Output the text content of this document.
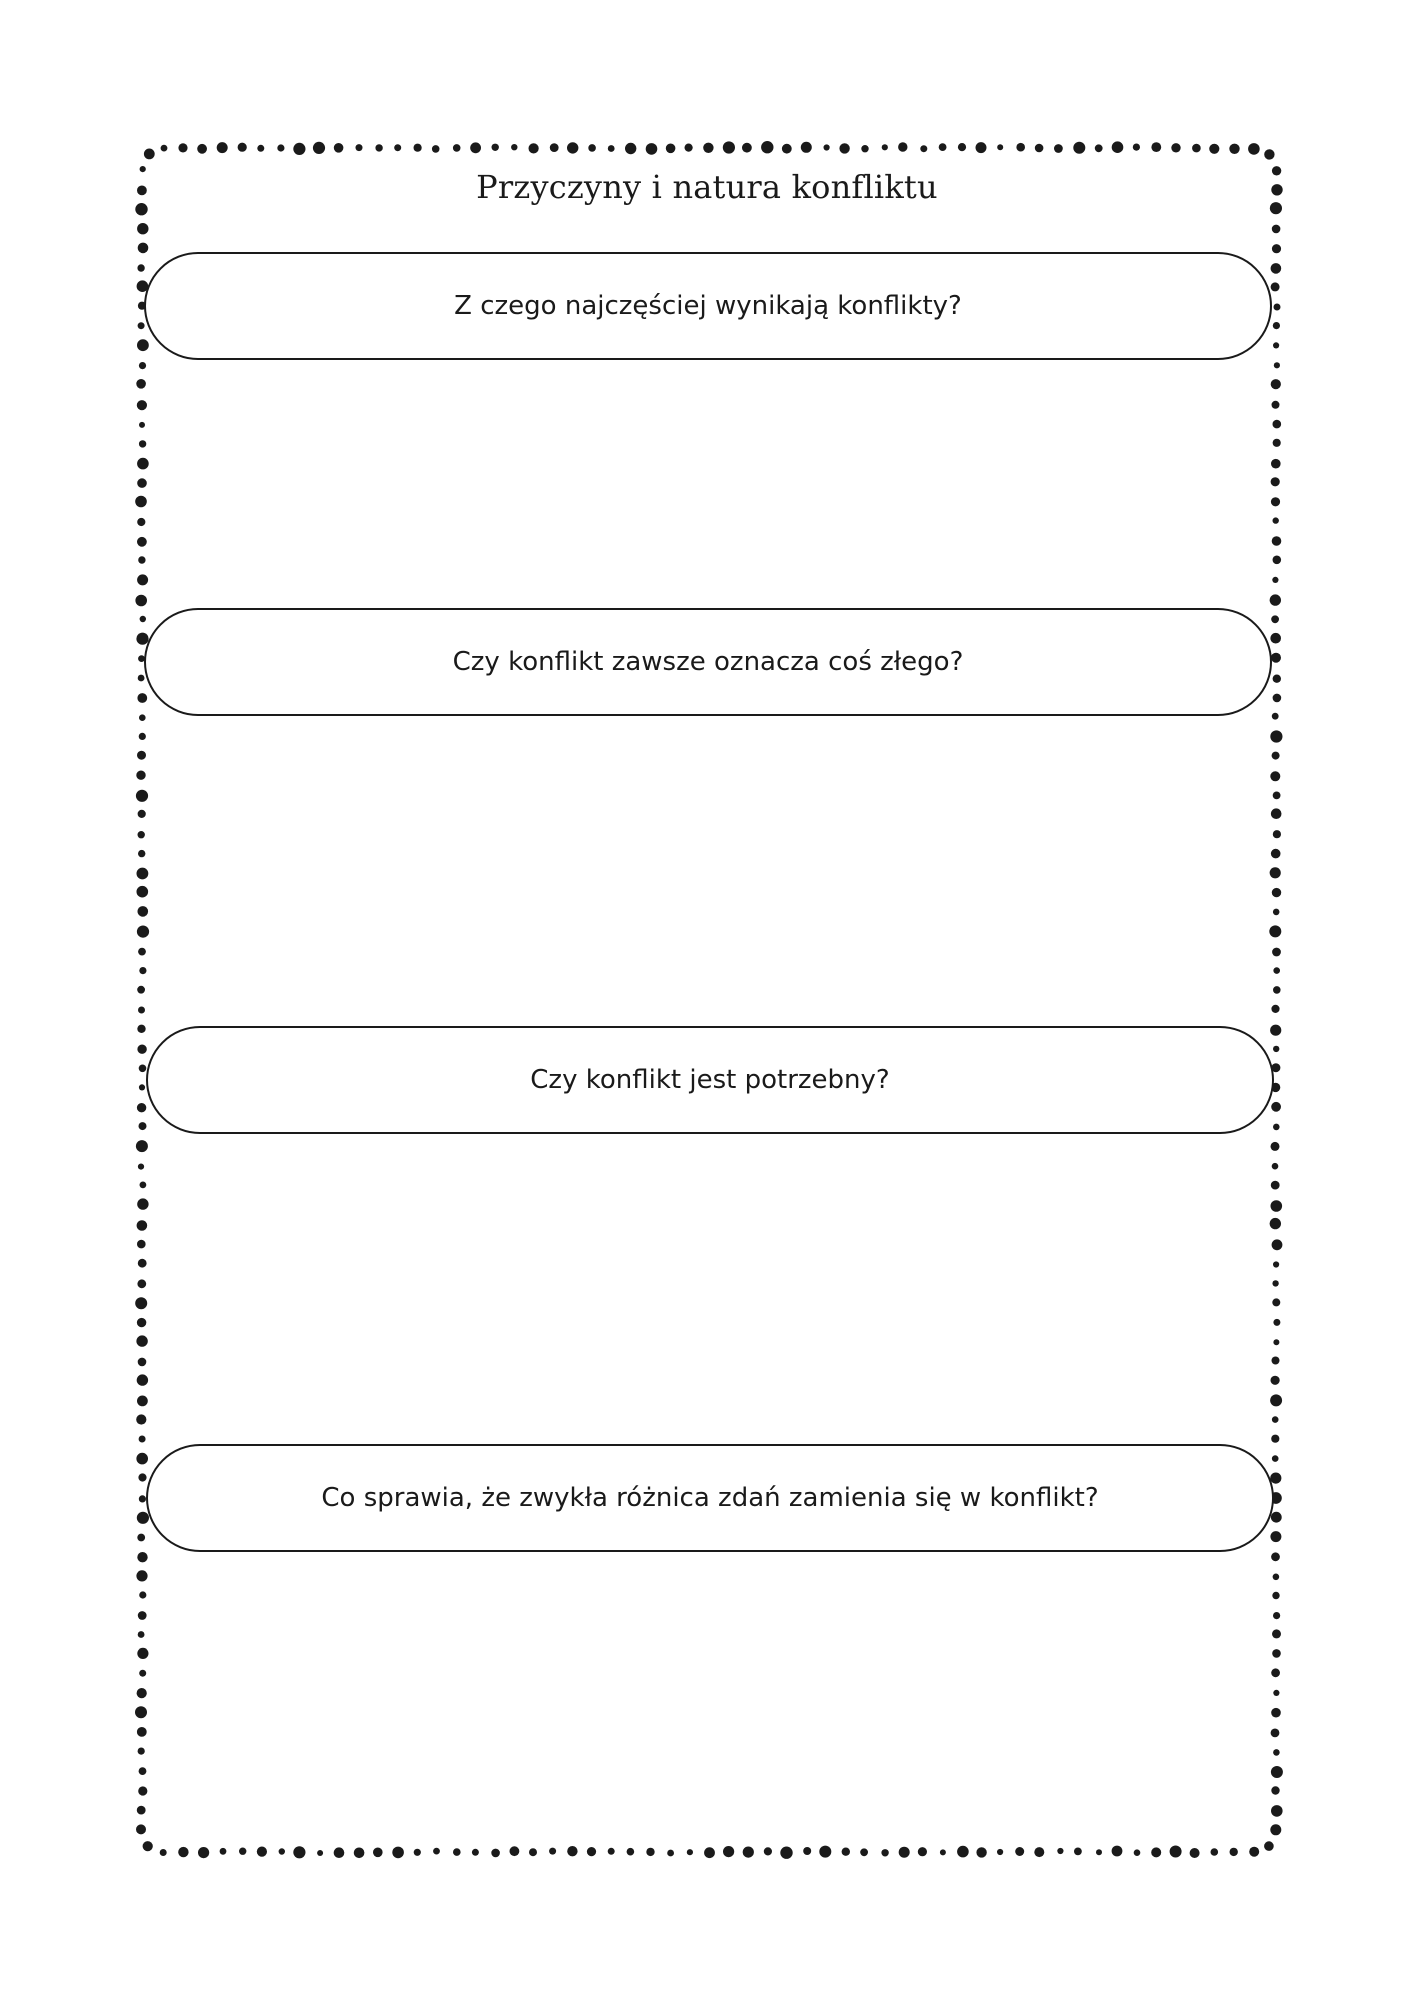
Przyczyny i natura konfliktu
Z czego najczęściej wynikają konflikty?
Czy konflikt zawsze oznacza coś złego?
Czy konflikt jest potrzebny?
Co sprawia, że zwykła różnica zdań zamienia się w konflikt?
